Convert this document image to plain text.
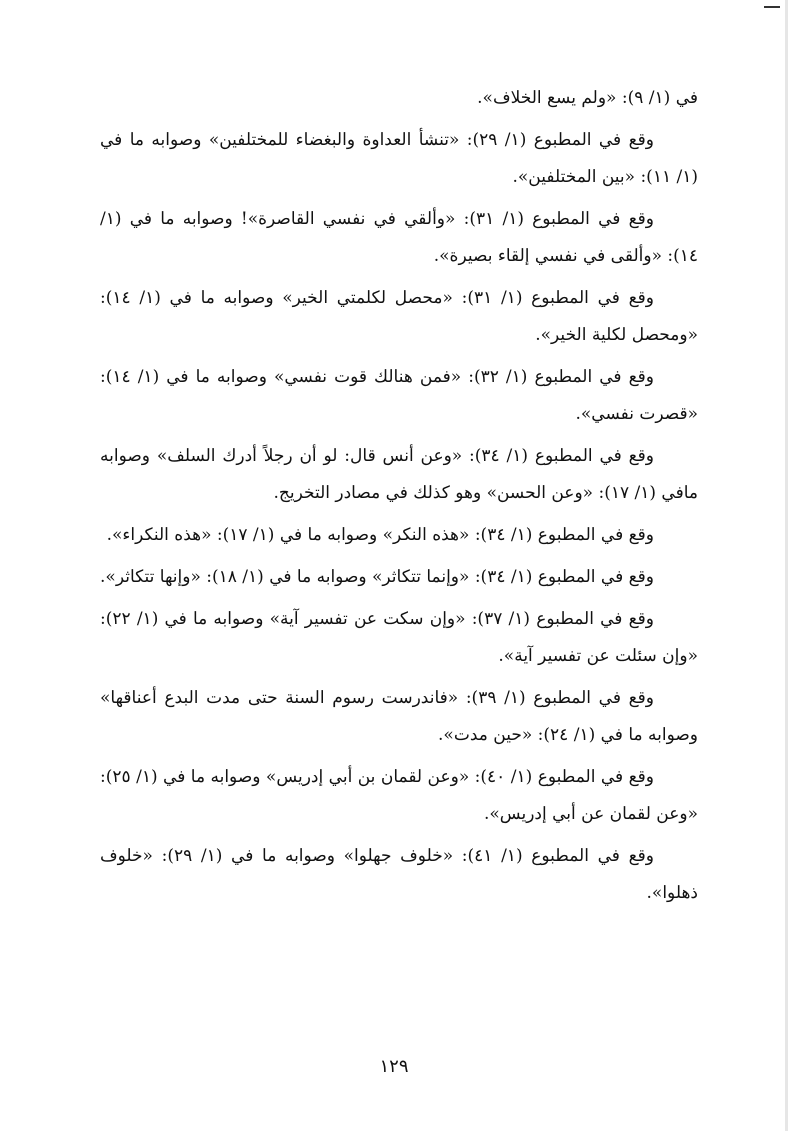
في (١/ ٩): «ولم يسع الخلاف».

وقع في المطبوع (١/ ٢٩): «تنشأ العداوة والبغضاء للمختلفين» وصوابه ما في (١/ ١١): «بين المختلفين».

وقع في المطبوع (١/ ٣١): «وألقي في نفسي القاصرة»! وصوابه ما في (١/ ١٤): «وألقى في نفسي إلقاء بصيرة».

وقع في المطبوع (١/ ٣١): «محصل لكلمتي الخير» وصوابه ما في (١/ ١٤): «ومحصل لكلية الخير».

وقع في المطبوع (١/ ٣٢): «فمن هنالك قوت نفسي» وصوابه ما في (١/ ١٤): «قصرت نفسي».

وقع في المطبوع (١/ ٣٤): «وعن أنس قال: لو أن رجلاً أدرك السلف» وصوابه مافي (١/ ١٧): «وعن الحسن» وهو كذلك في مصادر التخريج.

وقع في المطبوع (١/ ٣٤): «هذه النكر» وصوابه ما في (١/ ١٧): «هذه النكراء».

وقع في المطبوع (١/ ٣٤): «وإنما تتكاثر» وصوابه ما في (١/ ١٨): «وإنها تتكاثر».

وقع في المطبوع (١/ ٣٧): «وإن سكت عن تفسير آية» وصوابه ما في (١/ ٢٢): «وإن سئلت عن تفسير آية».

وقع في المطبوع (١/ ٣٩): «فاندرست رسوم السنة حتى مدت البدع أعناقها» وصوابه ما في (١/ ٢٤): «حين مدت».

وقع في المطبوع (١/ ٤٠): «وعن لقمان بن أبي إدريس» وصوابه ما في (١/ ٢٥): «وعن لقمان عن أبي إدريس».

وقع في المطبوع (١/ ٤١): «خلوف جهلوا» وصوابه ما في (١/ ٢٩): «خلوف ذهلوا».

١٢٩
